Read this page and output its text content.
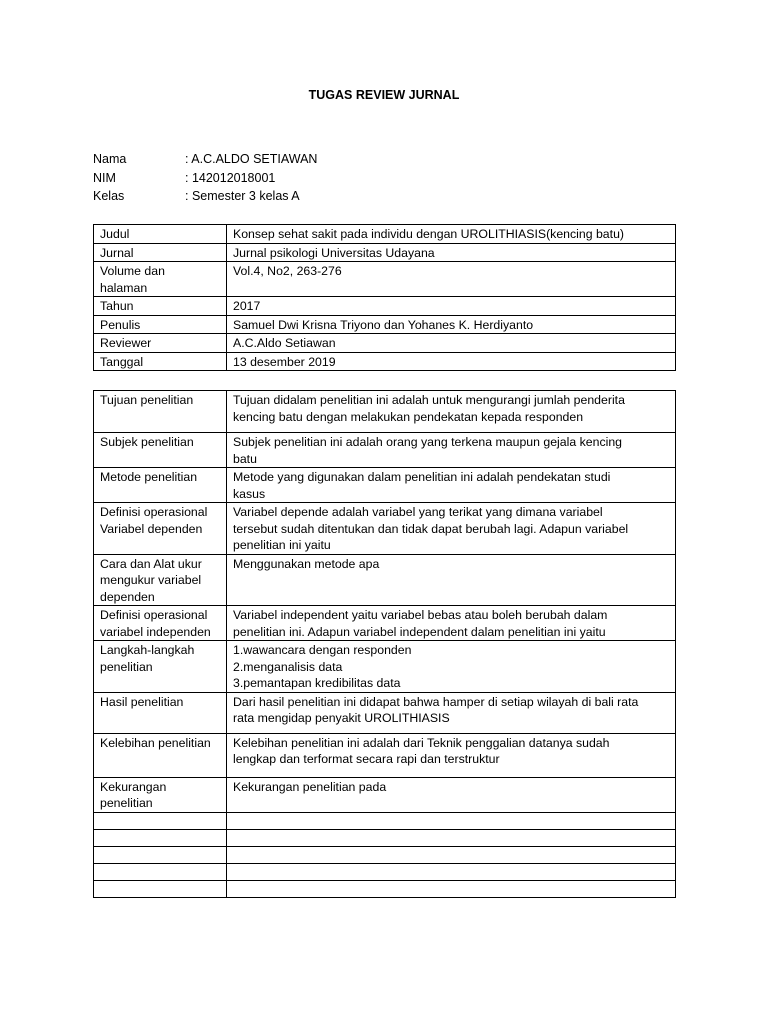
TUGAS REVIEW JURNAL
Nama	: A.C.ALDO SETIAWAN
NIM	: 142012018001
Kelas	: Semester 3 kelas A
Judul	Konsep sehat sakit pada individu dengan UROLITHIASIS(kencing batu)
Jurnal	Jurnal psikologi Universitas Udayana

Volume dan
halaman	Vol.4, No2, 263-276
Tahun	2017
Penulis	Samuel Dwi Krisna Triyono dan Yohanes K. Herdiyanto
Reviewer	A.C.Aldo Setiawan
Tanggal	13 desember 2019
Tujuan penelitian	Tujuan didalam penelitian ini adalah untuk mengurangi jumlah penderita
kencing batu dengan melakukan pendekatan kepada responden

Subjek penelitian	Subjek penelitian ini adalah orang yang terkena maupun gejala kencing
batu

Metode penelitian	Metode yang digunakan dalam penelitian ini adalah pendekatan studi
kasus

Definisi operasional
Variabel dependen	Variabel depende adalah variabel yang terikat yang dimana variabel
tersebut sudah ditentukan dan tidak dapat berubah lagi. Adapun variabel
penelitian ini yaitu

Cara dan Alat ukur
mengukur variabel
dependen	Menggunakan metode apa

Definisi operasional
variabel independen	Variabel independent yaitu variabel bebas atau boleh berubah dalam
penelitian ini. Adapun variabel independent dalam penelitian ini yaitu

Langkah-langkah
penelitian	1.wawancara dengan responden
2.menganalisis data
3.pemantapan kredibilitas data

Hasil penelitian	Dari hasil penelitian ini didapat bahwa hamper di setiap wilayah di bali rata
rata mengidap penyakit UROLITHIASIS

Kelebihan penelitian	Kelebihan penelitian ini adalah dari Teknik penggalian datanya sudah
lengkap dan terformat secara rapi dan terstruktur

Kekurangan
penelitian	Kekurangan penelitian pada
